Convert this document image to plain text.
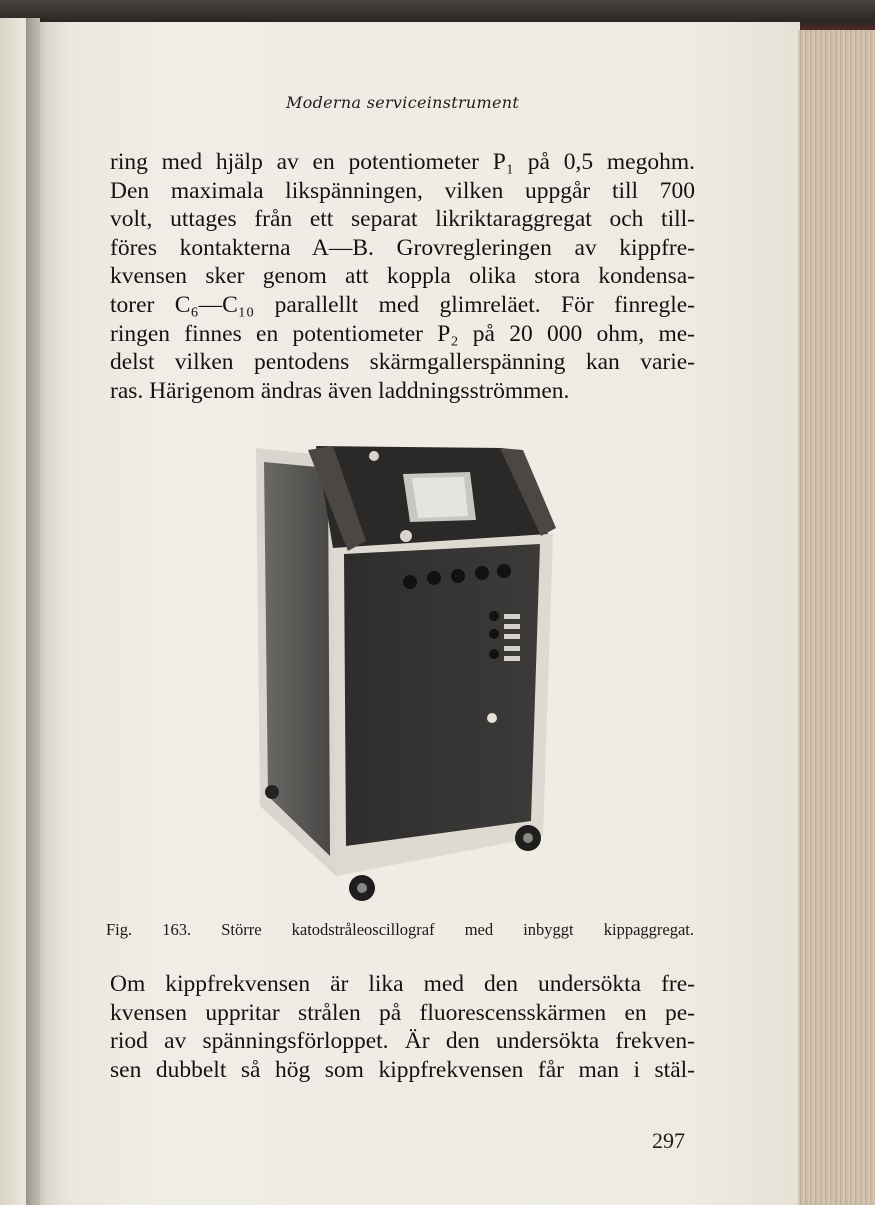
Moderna serviceinstrument
ring med hjälp av en potentiometer P₁ på 0,5 megohm.
Den maximala likspänningen, vilken uppgår till 700
volt, uttages från ett separat likriktaraggregat och till-
föres kontakterna A—B. Grovregleringen av kippfre-
kvensen sker genom att koppla olika stora kondensa-
torer C₆—C₁₀ parallellt med glimreläet. För finregle-
ringen finnes en potentiometer P₂ på 20 000 ohm, me-
delst vilken pentodens skärmgallerspänning kan varie-
ras. Härigenom ändras även laddningsströmmen.
Fig. 163. Större katodstråleoscillograf med inbyggt kippaggregat.
Om kippfrekvensen är lika med den undersökta fre-
kvensen uppritar strålen på fluorescensskärmen en pe-
riod av spänningsförloppet. Är den undersökta frekven-
sen dubbelt så hög som kippfrekvensen får man i stäl-
297
